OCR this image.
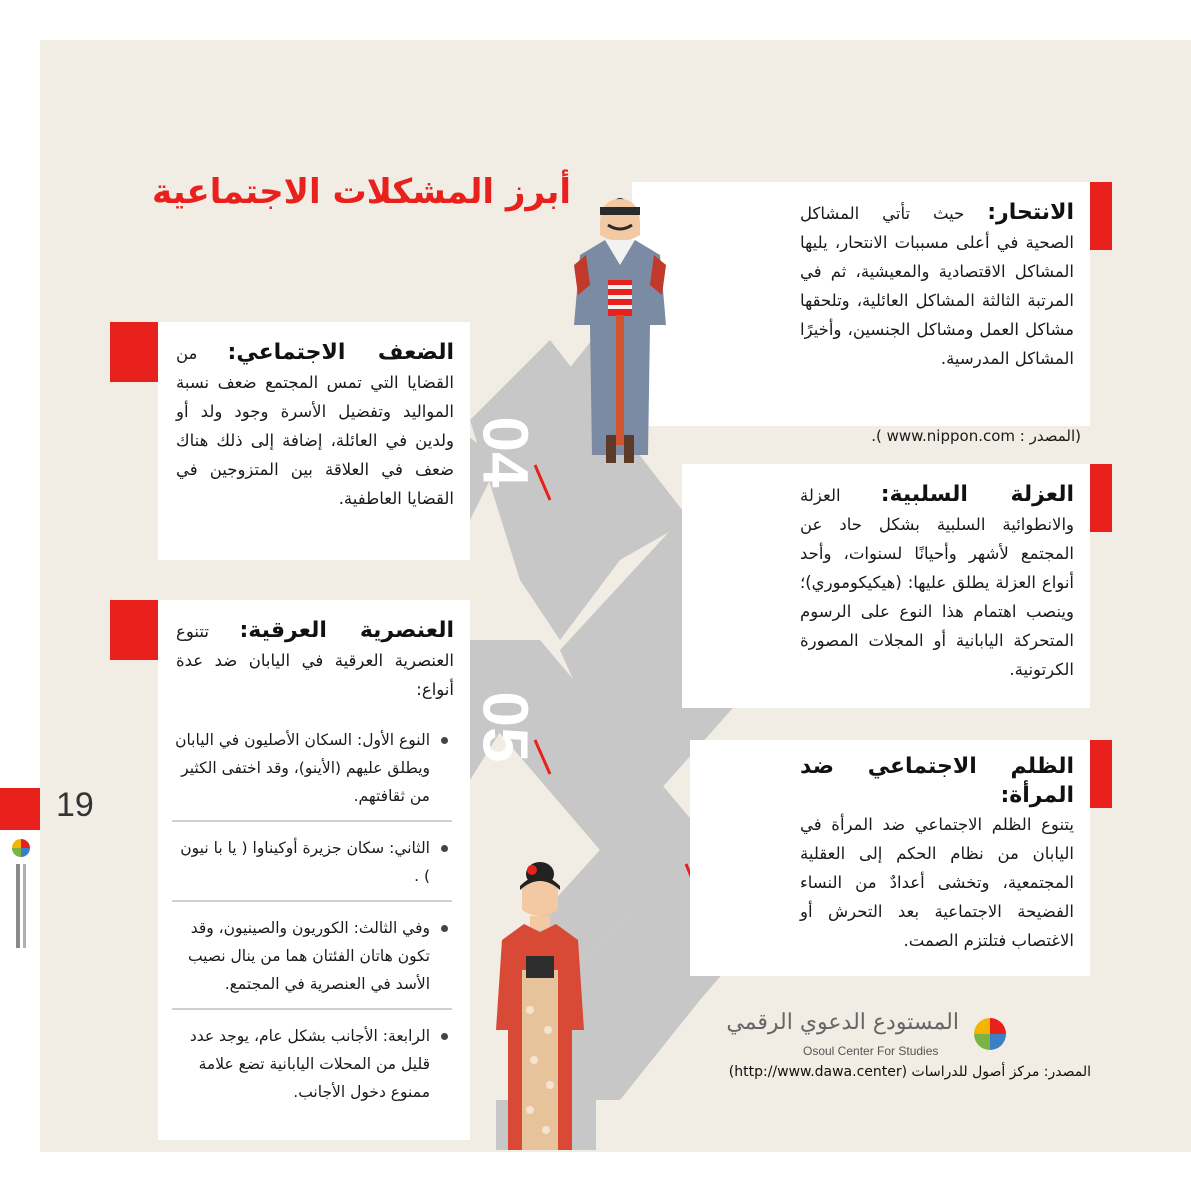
04
05
أبرز المشكلات الاجتماعية
الانتحار: حيث تأتي المشاكل الصحية في أعلى مسببات الانتحار، يليها المشاكل الاقتصادية والمعيشية، ثم في المرتبة الثالثة المشاكل العائلية، وتلحقها مشاكل العمل ومشاكل الجنسين، وأخيرًا المشاكل المدرسية.
(المصدر : www.nippon.com ).
العزلة السلبية: العزلة والانطوائية السلبية بشكل حاد عن المجتمع لأشهر وأحيانًا لسنوات، وأحد أنواع العزلة يطلق عليها: (هيكيكوموري)؛ وينصب اهتمام هذا النوع على الرسوم المتحركة اليابانية أو المجلات المصورة الكرتونية.
الظلم الاجتماعي ضد المرأة:
يتنوع الظلم الاجتماعي ضد المرأة في اليابان من نظام الحكم إلى العقلية المجتمعية، وتخشى أعدادٌ من النساء الفضيحة الاجتماعية بعد التحرش أو الاغتصاب فتلتزم الصمت.
الضعف الاجتماعي: من القضايا التي تمس المجتمع ضعف نسبة المواليد وتفضيل الأسرة وجود ولد أو ولدين في العائلة، إضافة إلى ذلك هناك ضعف في العلاقة بين المتزوجين في القضايا العاطفية.
العنصرية العرقية: تتنوع العنصرية العرقية في اليابان ضد عدة أنواع:
النوع الأول: السكان الأصليون في اليابان ويطلق عليهم (الأينو)، وقد اختفى الكثير من ثقافتهم.
الثاني: سكان جزيرة أوكيناوا ( يا با نيون ) .
وفي الثالث: الكوريون والصينيون، وقد تكون هاتان الفئتان هما من ينال نصيب الأسد في العنصرية في المجتمع.
الرابعة: الأجانب بشكل عام، يوجد عدد قليل من المحلات اليابانية تضع علامة ممنوع دخول الأجانب.
المستودع الدعوي الرقمي
Osoul Center For Studies
المصدر: مركز أصول للدراسات (http://www.dawa.center)
19
